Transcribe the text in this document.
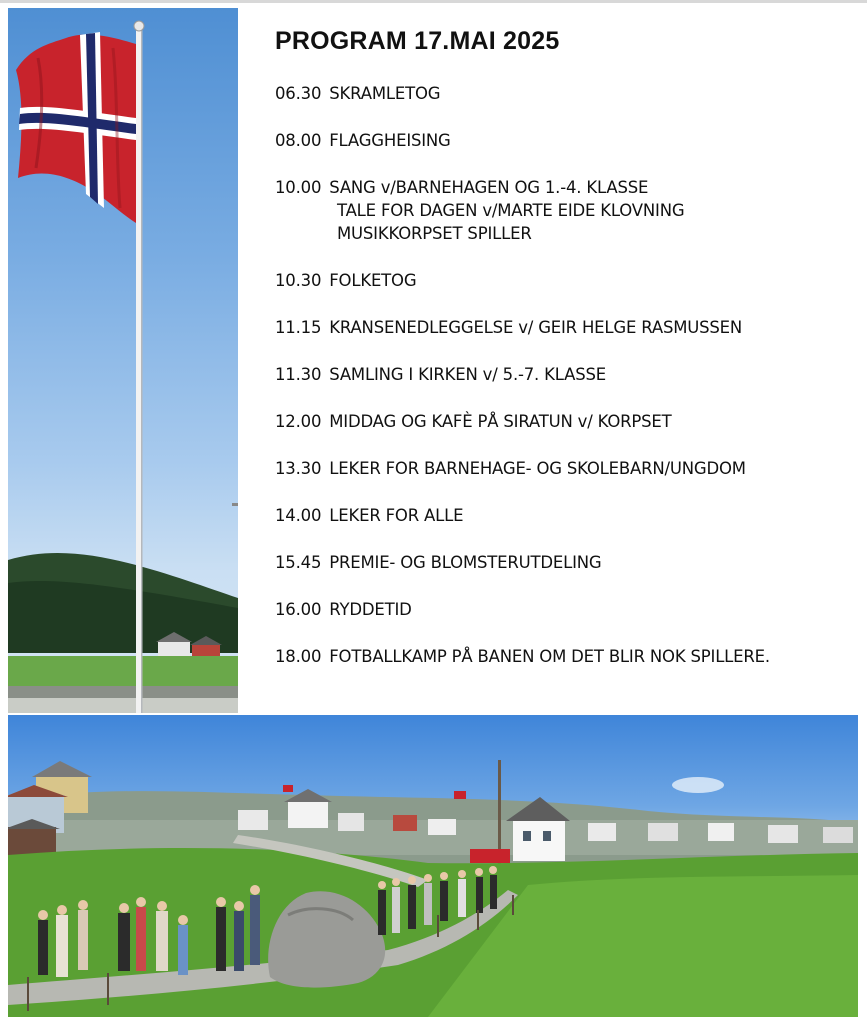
PROGRAM 17.MAI 2025
06.30 SKRAMLETOG
08.00 FLAGGHEISING
10.00 SANG v/BARNEHAGEN OG 1.-4. KLASSE
TALE FOR DAGEN v/MARTE EIDE KLOVNING
MUSIKKORPSET SPILLER
10.30 FOLKETOG
11.15 KRANSENEDLEGGELSE v/ GEIR HELGE RASMUSSEN
11.30 SAMLING I KIRKEN v/ 5.-7. KLASSE
12.00 MIDDAG OG KAFÈ PÅ SIRATUN v/ KORPSET
13.30 LEKER FOR BARNEHAGE- OG SKOLEBARN/UNGDOM
14.00 LEKER FOR ALLE
15.45 PREMIE- OG BLOMSTERUTDELING
16.00 RYDDETID
18.00 FOTBALLKAMP PÅ BANEN OM DET BLIR NOK SPILLERE.
